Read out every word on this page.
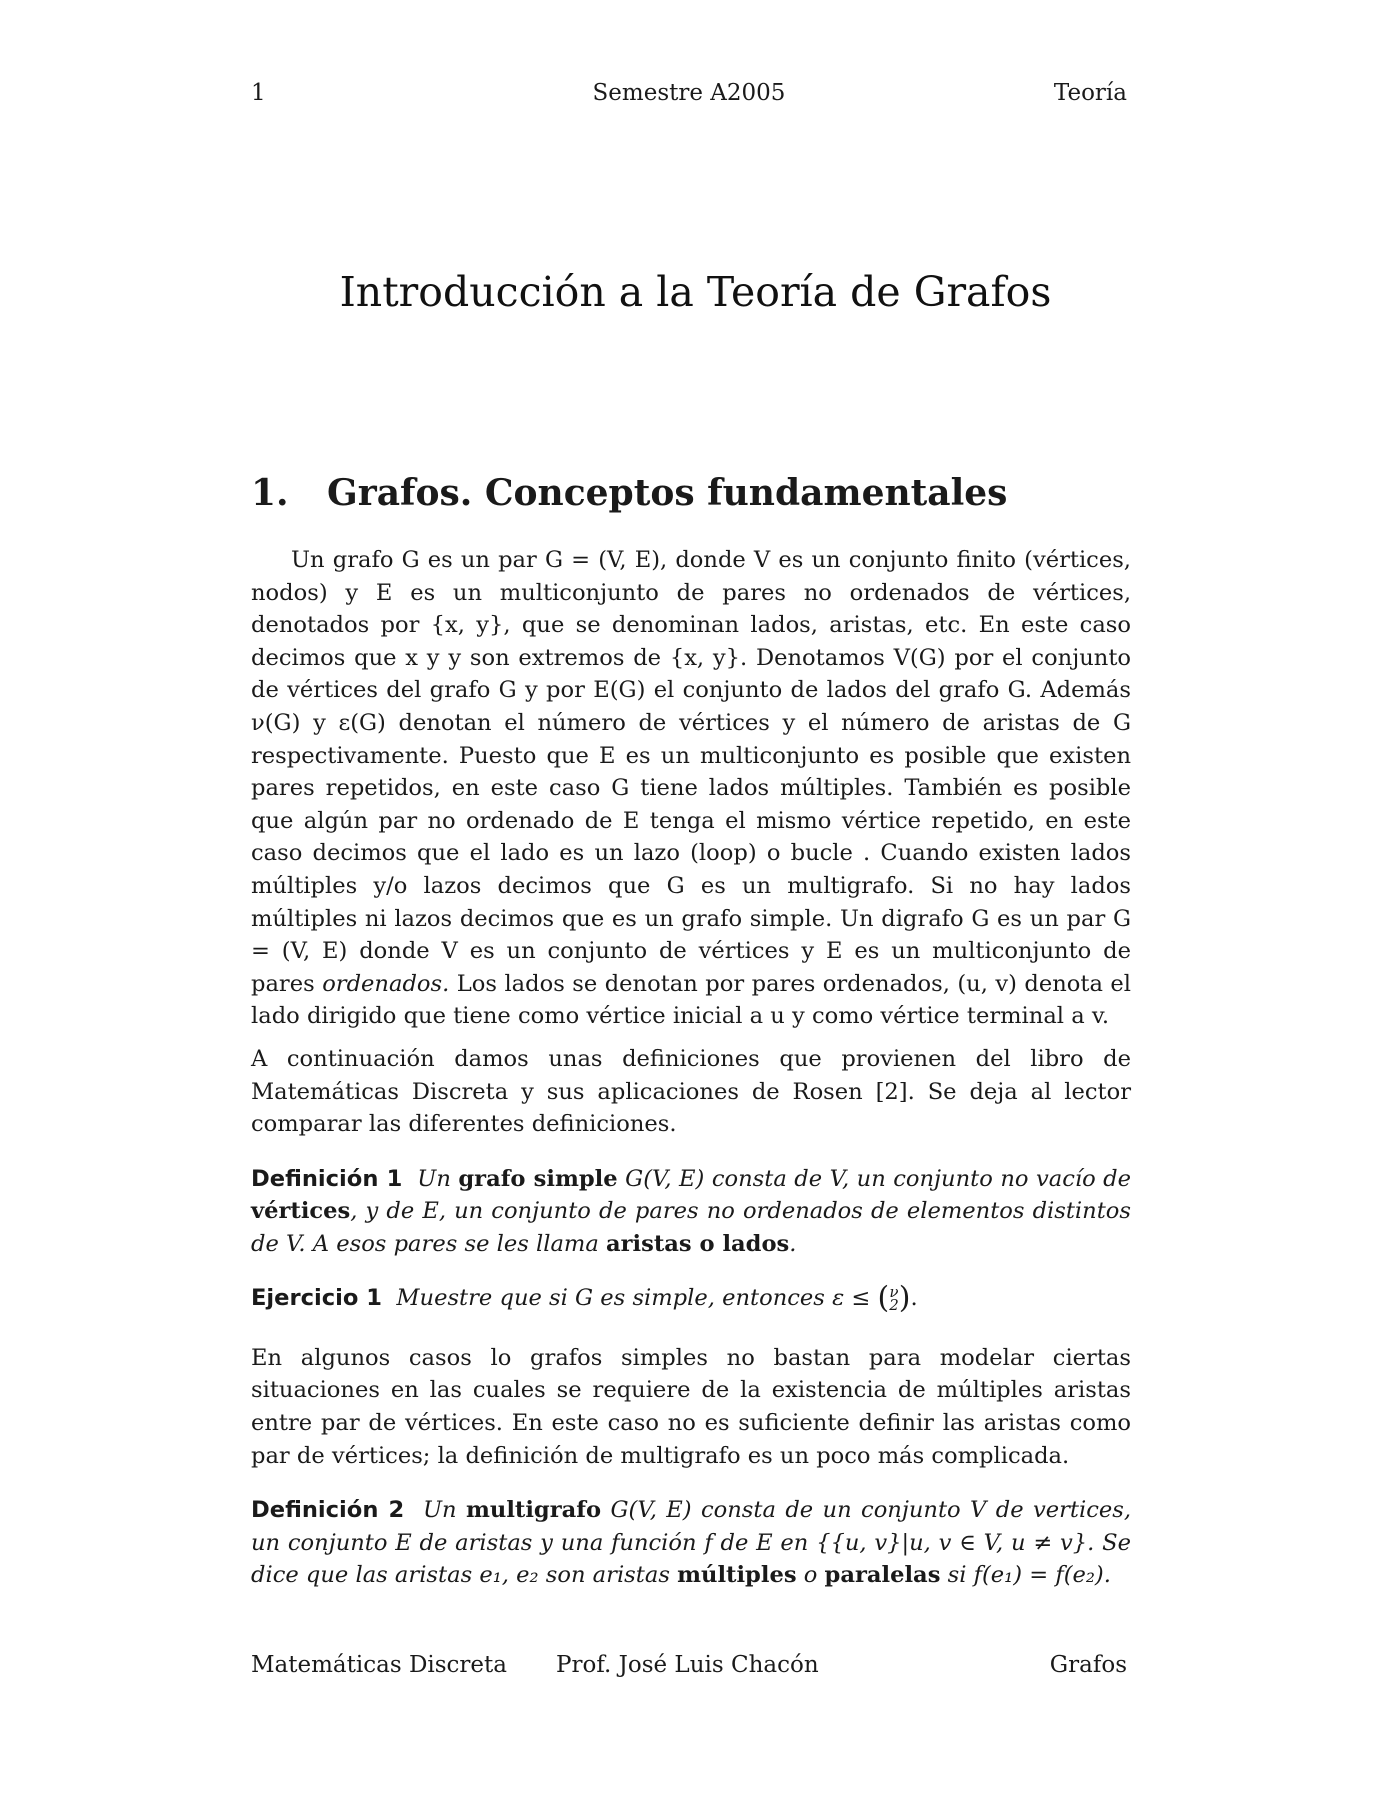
1	Semestre A2005	Teoría
Introducción a la Teoría de Grafos
1. Grafos. Conceptos fundamentales

Un grafo G es un par G = (V, E), donde V es un conjunto finito (vértices, nodos) y E es un multiconjunto de pares no ordenados de vértices, denotados por {x, y}, que se denominan lados, aristas, etc. En este caso decimos que x y y son extremos de {x, y}. Denotamos V(G) por el conjunto de vértices del grafo G y por E(G) el conjunto de lados del grafo G. Además ν(G) y ε(G) denotan el número de vértices y el número de aristas de G respectivamente. Puesto que E es un multiconjunto es posible que existen pares repetidos, en este caso G tiene lados múltiples. También es posible que algún par no ordenado de E tenga el mismo vértice repetido, en este caso decimos que el lado es un lazo (loop) o bucle . Cuando existen lados múltiples y/o lazos decimos que G es un multigrafo. Si no hay lados múltiples ni lazos decimos que es un grafo simple. Un digrafo G es un par G = (V, E) donde V es un conjunto de vértices y E es un multiconjunto de pares ordenados. Los lados se denotan por pares ordenados, (u, v) denota el lado dirigido que tiene como vértice inicial a u y como vértice terminal a v.

A continuación damos unas definiciones que provienen del libro de Matemáticas Discreta y sus aplicaciones de Rosen [2]. Se deja al lector comparar las diferentes definiciones.

Definición 1 Un grafo simple G(V, E) consta de V, un conjunto no vacío de vértices, y de E, un conjunto de pares no ordenados de elementos distintos de V. A esos pares se les llama aristas o lados.

Ejercicio 1 Muestre que si G es simple, entonces ε ≤ (ν
2).

En algunos casos lo grafos simples no bastan para modelar ciertas situaciones en las cuales se requiere de la existencia de múltiples aristas entre par de vértices. En este caso no es suficiente definir las aristas como par de vértices; la definición de multigrafo es un poco más complicada.

Definición 2 Un multigrafo G(V, E) consta de un conjunto V de vertices, un conjunto E de aristas y una función f de E en {{u, v}|u, v ∈ V, u ≠ v}. Se dice que las aristas e₁, e₂ son aristas múltiples o paralelas si f(e₁) = f(e₂).

Matemáticas Discreta Prof. José Luis Chacón	Grafos
